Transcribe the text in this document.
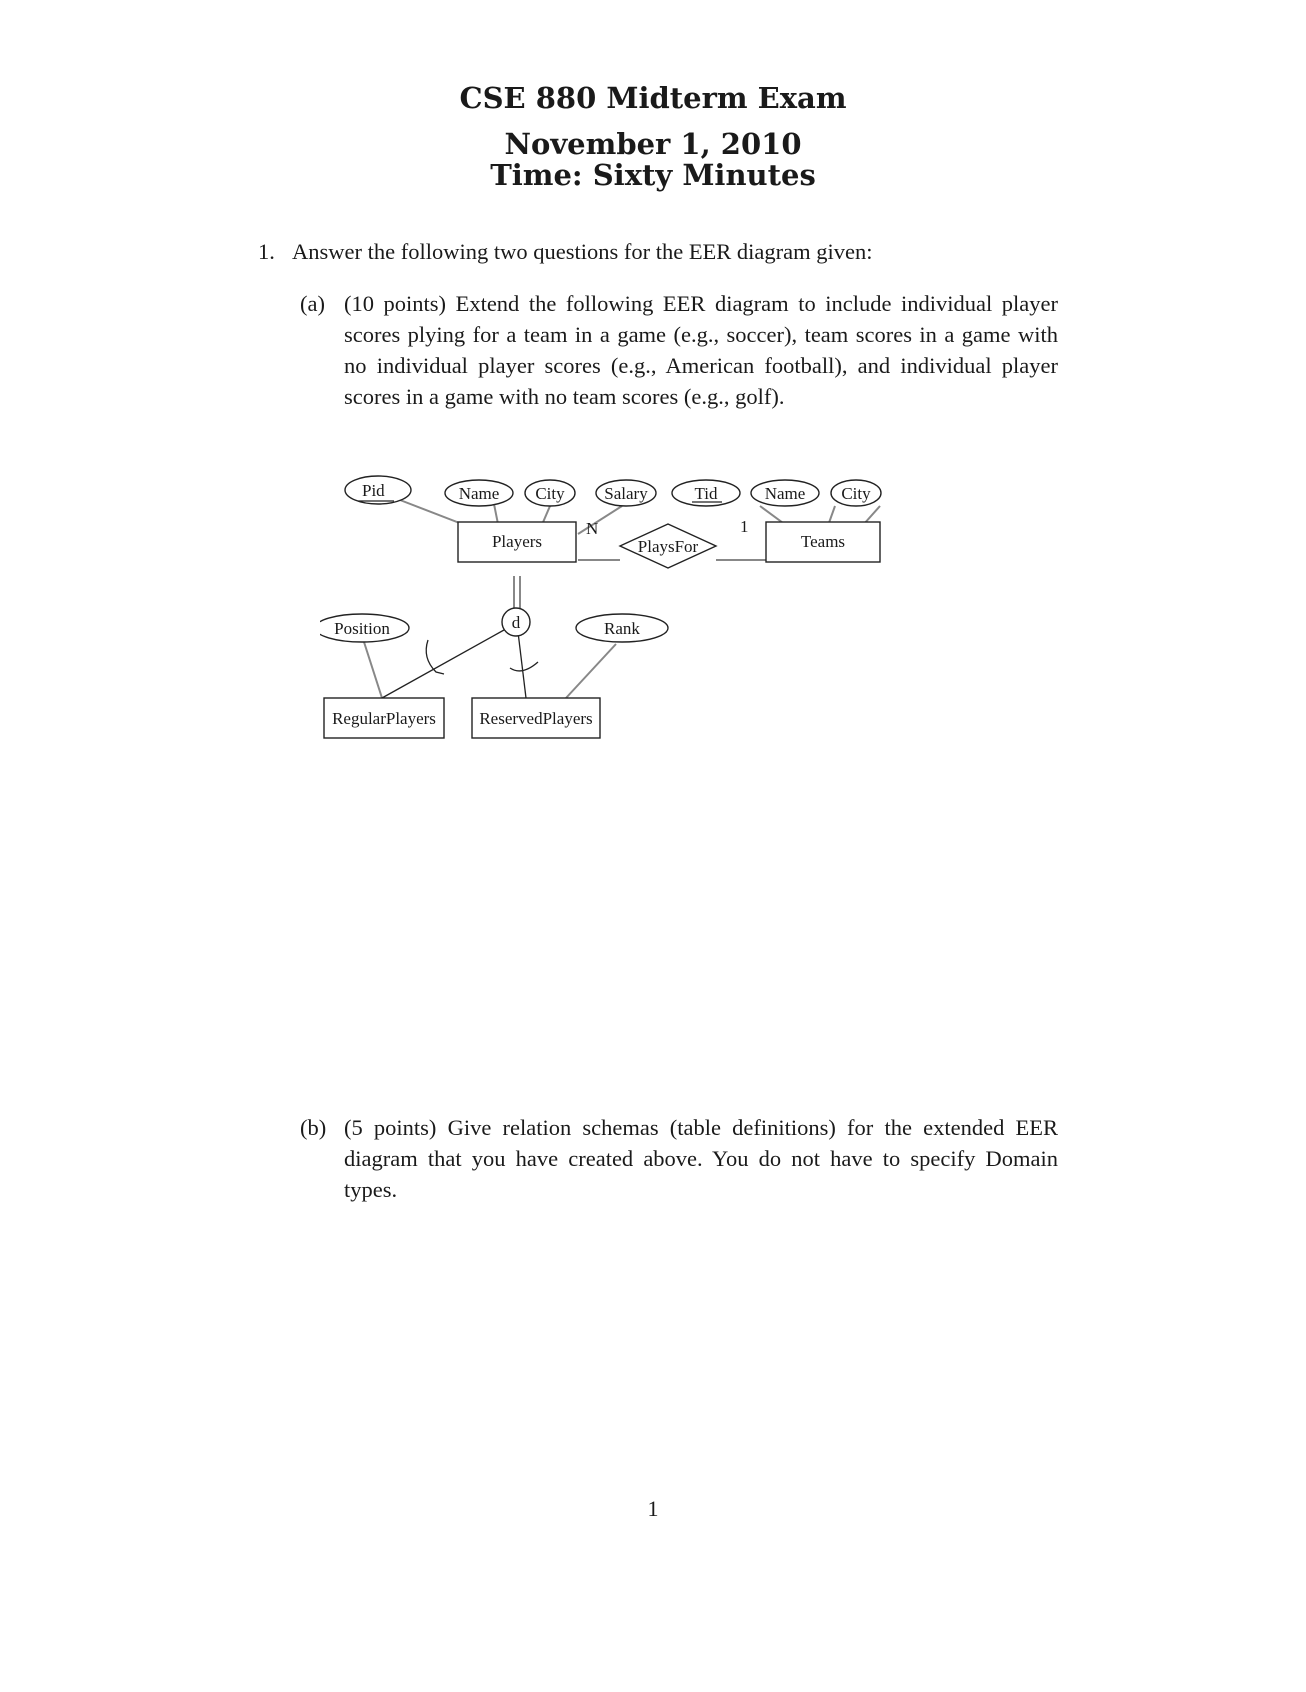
CSE 880 Midterm Exam
November 1, 2010
Time: Sixty Minutes

1. Answer the following two questions for the EER diagram given:

(a) (10 points) Extend the following EER diagram to include individual player scores plying for a team in a game (e.g., soccer), team scores in a game with no individual player scores (e.g., American football), and individual player scores in a game with no team scores (e.g., golf).
Pid	Name City Salary	Tid	Name City
Players
N
PlaysFor
1
Teams
d
Position	Rank
RegularPlayers	ReservedPlayers
(b) (5 points) Give relation schemas (table definitions) for the extended EER diagram that you have created above. You do not have to specify Domain types.

1
